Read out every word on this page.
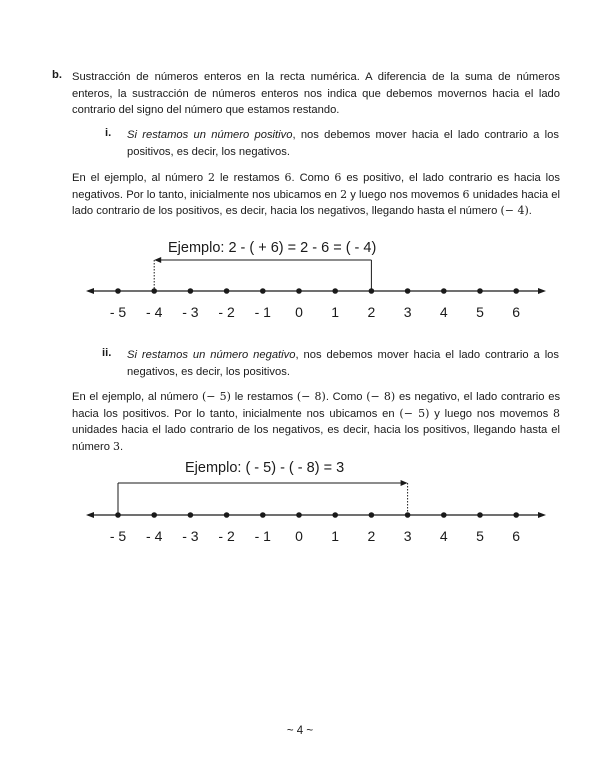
b. Sustracción de números enteros en la recta numérica. A diferencia de la suma de números enteros, la sustracción de números enteros nos indica que debemos movernos hacia el lado contrario del signo del número que estamos restando.
i. Si restamos un número positivo, nos debemos mover hacia el lado contrario a los positivos, es decir, los negativos.
En el ejemplo, al número 2 le restamos 6. Como 6 es positivo, el lado contrario es hacia los negativos. Por lo tanto, inicialmente nos ubicamos en 2 y luego nos movemos 6 unidades hacia el lado contrario de los positivos, es decir, hacia los negativos, llegando hasta el número (− 4).
Ejemplo: 2 - ( + 6) = 2 - 6 = ( - 4)
- 5 - 4 - 3 - 2 - 1 0 1 2 3 4 5 6
ii. Si restamos un número negativo, nos debemos mover hacia el lado contrario a los negativos, es decir, los positivos.
En el ejemplo, al número (− 5) le restamos (− 8). Como (− 8) es negativo, el lado contrario es hacia los positivos. Por lo tanto, inicialmente nos ubicamos en (− 5) y luego nos movemos 8 unidades hacia el lado contrario de los negativos, es decir, hacia los positivos, llegando hasta el número 3.
Ejemplo: ( - 5) - ( - 8) = 3
- 5 - 4 - 3 - 2 - 1 0 1 2 3 4 5 6
~ 4 ~
